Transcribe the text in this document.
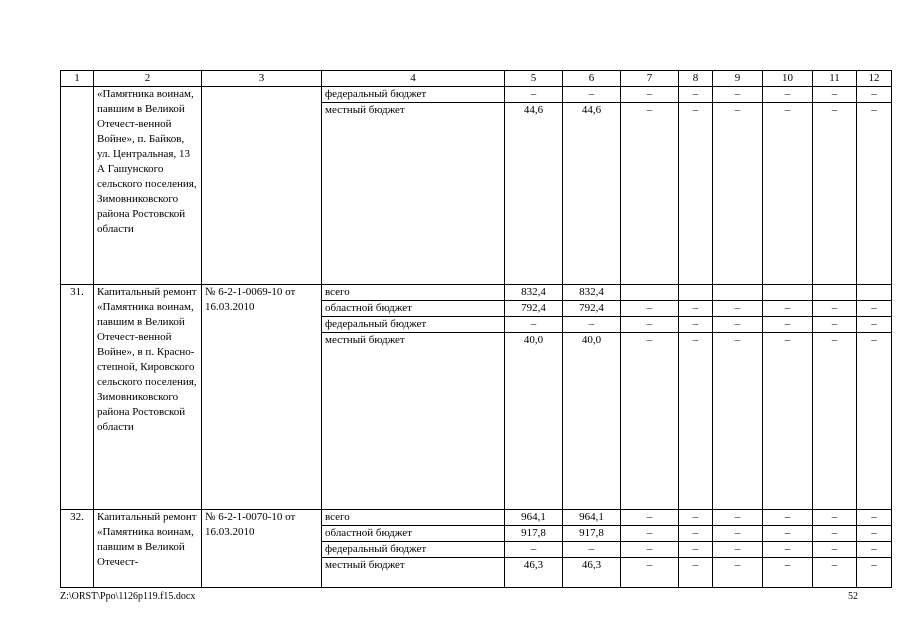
1	2	3	4	5	6	7	8	9	10	11	12
	«Памятника воинам, павшим в Великой Отечест-венной Войне», п. Байков, ул. Центральная, 13 А Гашунского сельского поселения, Зимовниковского района Ростовской области		федеральный бюджет	–	–	–	–	–	–	–	–
			местный бюджет	44,6	44,6	–	–	–	–	–	–
31.	Капитальный ремонт «Памятника воинам, павшим в Великой Отечест-венной Войне», в п. Красно-степной, Кировского сельского поселения, Зимовниковского района Ростовской области	№ 6-2-1-0069-10 от 16.03.2010	всего	832,4	832,4						
			областной бюджет	792,4	792,4	–	–	–	–	–	–
			федеральный бюджет	–	–	–	–	–	–	–	–
			местный бюджет	40,0	40,0	–	–	–	–	–	–
32.	Капитальный ремонт «Памятника воинам, павшим в Великой Отечест-	№ 6-2-1-0070-10 от 16.03.2010	всего	964,1	964,1	–	–	–	–	–	–
			областной бюджет	917,8	917,8	–	–	–	–	–	–
			федеральный бюджет	–	–	–	–	–	–	–	–
			местный бюджет	46,3	46,3	–	–	–	–	–	–
Z:\ORST\Ppo\1126p119.f15.docx	52
